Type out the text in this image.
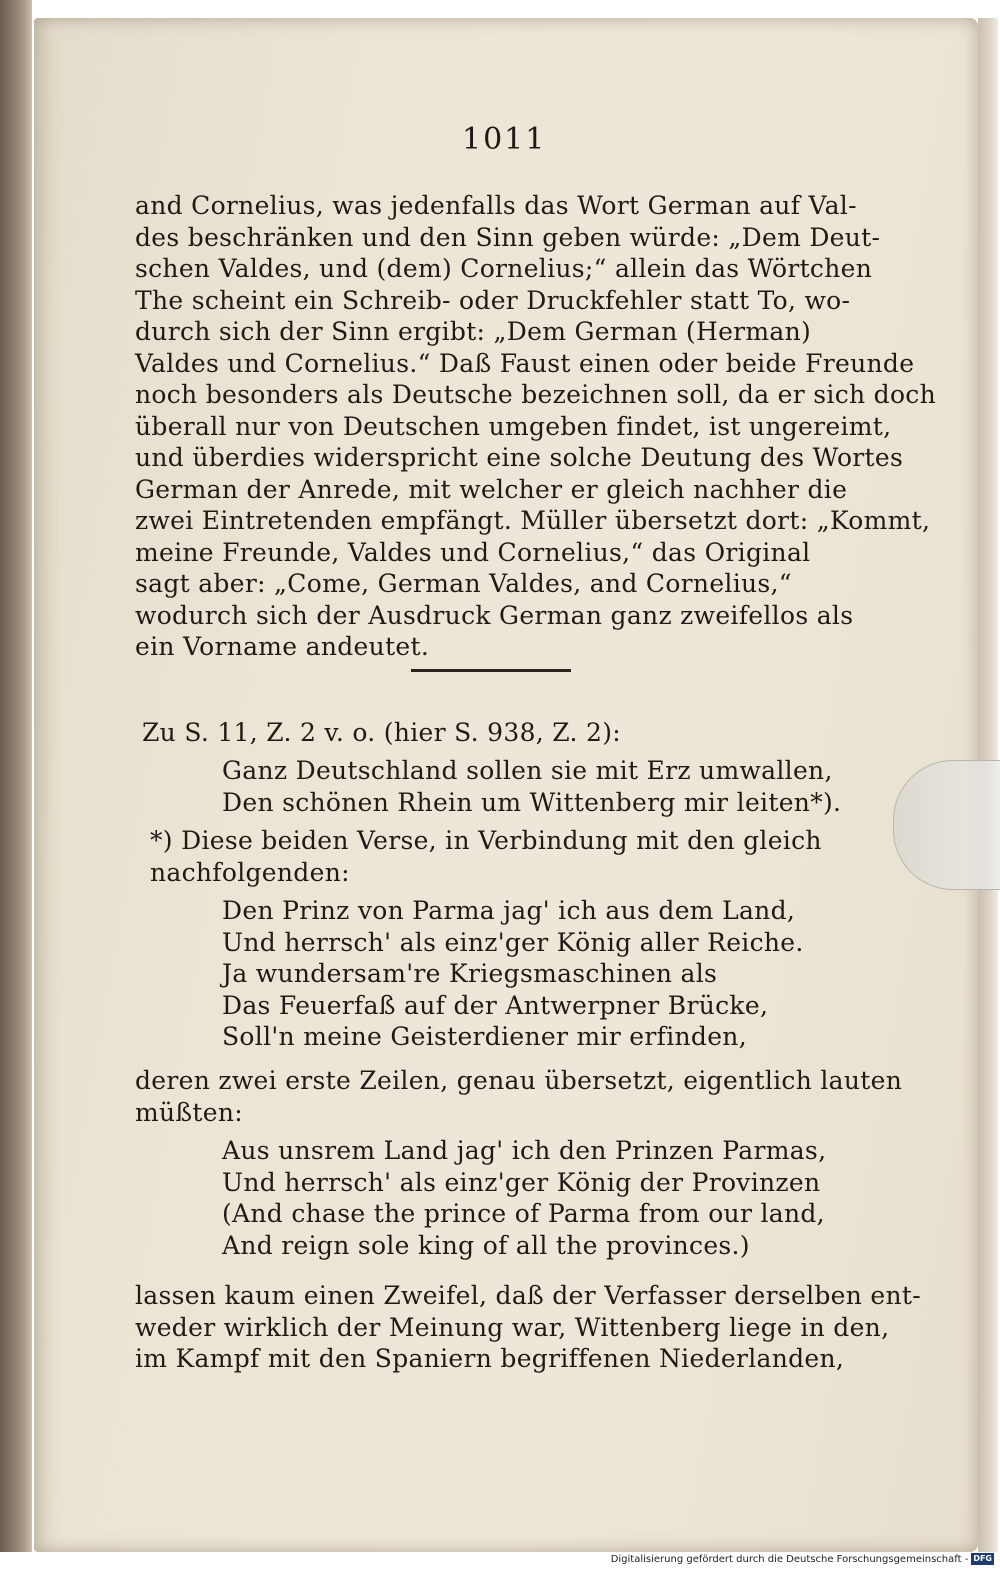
1011
and Cornelius, was jedenfalls das Wort German auf Val-
des beschränken und den Sinn geben würde: „Dem Deut-
schen Valdes, und (dem) Cornelius;“ allein das Wörtchen
The scheint ein Schreib- oder Druckfehler statt To, wo-
durch sich der Sinn ergibt: „Dem German (Herman)
Valdes und Cornelius.“ Daß Faust einen oder beide Freunde
noch besonders als Deutsche bezeichnen soll, da er sich doch
überall nur von Deutschen umgeben findet, ist ungereimt,
und überdies widerspricht eine solche Deutung des Wortes
German der Anrede, mit welcher er gleich nachher die
zwei Eintretenden empfängt. Müller übersetzt dort: „Kommt,
meine Freunde, Valdes und Cornelius,“ das Original
sagt aber: „Come, German Valdes, and Cornelius,“
wodurch sich der Ausdruck German ganz zweifellos als
ein Vorname andeutet.
Zu S. 11, Z. 2 v. o. (hier S. 938, Z. 2):
Ganz Deutschland sollen sie mit Erz umwallen,
Den schönen Rhein um Wittenberg mir leiten*).
*) Diese beiden Verse, in Verbindung mit den gleich
nachfolgenden:
Den Prinz von Parma jag' ich aus dem Land,
Und herrsch' als einz'ger König aller Reiche.
Ja wundersam're Kriegsmaschinen als
Das Feuerfaß auf der Antwerpner Brücke,
Soll'n meine Geisterdiener mir erfinden,
deren zwei erste Zeilen, genau übersetzt, eigentlich lauten
müßten:
Aus unsrem Land jag' ich den Prinzen Parmas,
Und herrsch' als einz'ger König der Provinzen
(And chase the prince of Parma from our land,
And reign sole king of all the provinces.)
lassen kaum einen Zweifel, daß der Verfasser derselben ent-
weder wirklich der Meinung war, Wittenberg liege in den,
im Kampf mit den Spaniern begriffenen Niederlanden,
Digitalisierung gefördert durch die Deutsche Forschungsgemeinschaft - DFG
